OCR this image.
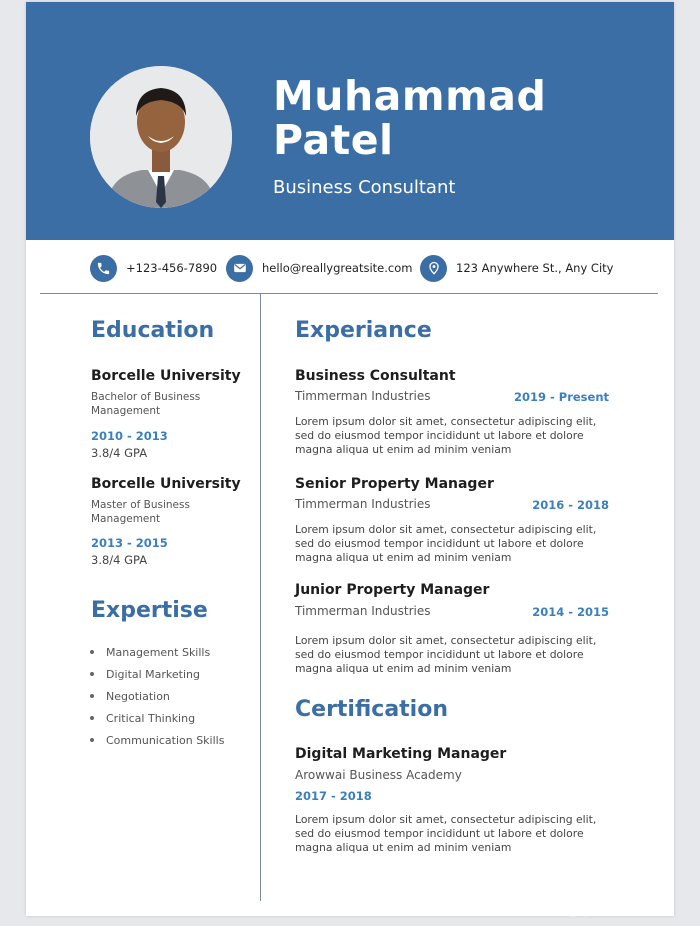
Muhammad
Patel
Business Consultant
+123-456-7890	hello@reallygreatsite.com	123 Anywhere St., Any City
Education
Borcelle University
Bachelor of Business Management
2010 - 2013
3.8/4 GPA
Borcelle University
Master of Business Management
2013 - 2015
3.8/4 GPA
Expertise
Management Skills
Digital Marketing
Negotiation
Critical Thinking
Communication Skills
Experiance
Business Consultant
Timmerman Industries	2019 - Present
Lorem ipsum dolor sit amet, consectetur adipiscing elit, sed do eiusmod tempor incididunt ut labore et dolore magna aliqua ut enim ad minim veniam
Senior Property Manager
Timmerman Industries	2016 - 2018
Lorem ipsum dolor sit amet, consectetur adipiscing elit, sed do eiusmod tempor incididunt ut labore et dolore magna aliqua ut enim ad minim veniam
Junior Property Manager
Timmerman Industries	2014 - 2015
Lorem ipsum dolor sit amet, consectetur adipiscing elit, sed do eiusmod tempor incididunt ut labore et dolore magna aliqua ut enim ad minim veniam
Certification
Digital Marketing Manager
Arowwai Business Academy
2017 - 2018
Lorem ipsum dolor sit amet, consectetur adipiscing elit, sed do eiusmod tempor incididunt ut labore et dolore magna aliqua ut enim ad minim veniam
حراج
